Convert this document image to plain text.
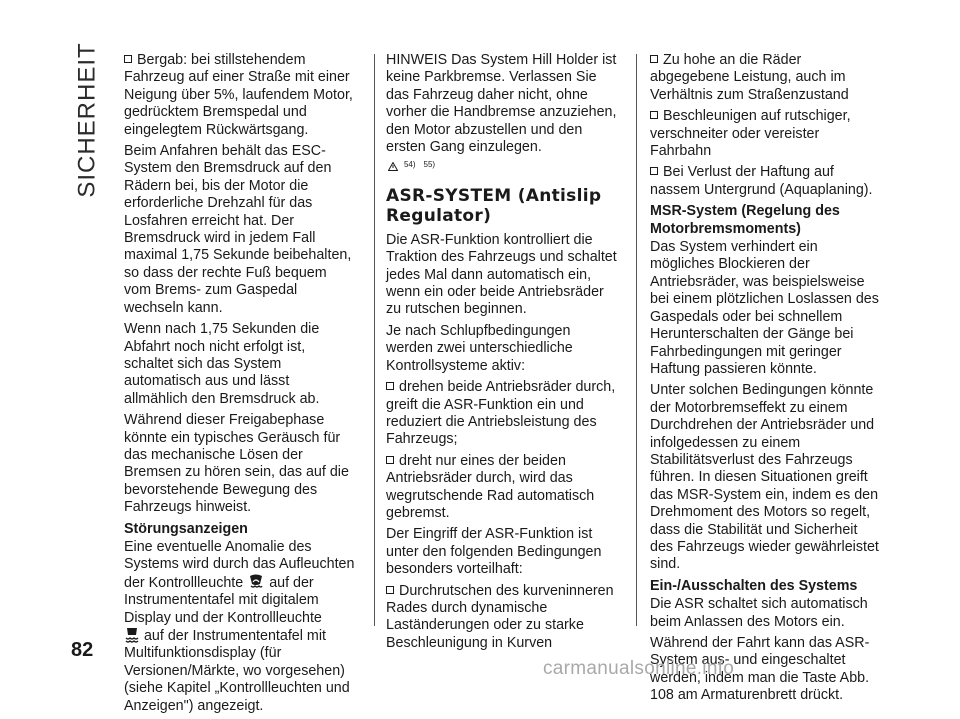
SICHERHEIT
82

Bergab: bei stillstehendem Fahrzeug auf einer Straße mit einer Neigung über 5%, laufendem Motor, gedrücktem Bremspedal und eingelegtem Rückwärtsgang.

Beim Anfahren behält das ESC-System den Bremsdruck auf den Rädern bei, bis der Motor die erforderliche Drehzahl für das Losfahren erreicht hat. Der Bremsdruck wird in jedem Fall maximal 1,75 Sekunde beibehalten, so dass der rechte Fuß bequem vom Brems- zum Gaspedal wechseln kann.

Wenn nach 1,75 Sekunden die Abfahrt noch nicht erfolgt ist, schaltet sich das System automatisch aus und lässt allmählich den Bremsdruck ab.

Während dieser Freigabephase könnte ein typisches Geräusch für das mechanische Lösen der Bremsen zu hören sein, das auf die bevorstehende Bewegung des Fahrzeugs hinweist.

Störungsanzeigen

Eine eventuelle Anomalie des Systems wird durch das Aufleuchten der Kontrollleuchte auf der Instrumententafel mit digitalem Display und der Kontrollleuchte
auf der Instrumententafel mit Multifunktionsdisplay (für Versionen/Märkte, wo vorgesehen) (siehe Kapitel „Kontrollleuchten und Anzeigen") angezeigt.

HINWEIS Das System Hill Holder ist keine Parkbremse. Verlassen Sie das Fahrzeug daher nicht, ohne vorher die Handbremse anzuziehen, den Motor abzustellen und den ersten Gang einzulegen.
$^{54)}$ $^{55)}$

ASR-SYSTEM (Antislip Regulator)

Die ASR-Funktion kontrolliert die Traktion des Fahrzeugs und schaltet jedes Mal dann automatisch ein, wenn ein oder beide Antriebsräder zu rutschen beginnen.

Je nach Schlupfbedingungen werden zwei unterschiedliche Kontrollsysteme aktiv:

drehen beide Antriebsräder durch, greift die ASR-Funktion ein und reduziert die Antriebsleistung des Fahrzeugs;

dreht nur eines der beiden Antriebsräder durch, wird das wegrutschende Rad automatisch gebremst.

Der Eingriff der ASR-Funktion ist unter den folgenden Bedingungen besonders vorteilhaft:

Durchrutschen des kurveninneren Rades durch dynamische Laständerungen oder zu starke Beschleunigung in Kurven

Zu hohe an die Räder abgegebene Leistung, auch im Verhältnis zum Straßenzustand

Beschleunigen auf rutschiger, verschneiter oder vereister Fahrbahn

Bei Verlust der Haftung auf nassem Untergrund (Aquaplaning).

MSR-System (Regelung des Motorbremsmoments)

Das System verhindert ein mögliches Blockieren der Antriebsräder, was beispielsweise bei einem plötzlichen Loslassen des Gaspedals oder bei schnellem Herunterschalten der Gänge bei Fahrbedingungen mit geringer Haftung passieren könnte.

Unter solchen Bedingungen könnte der Motorbremseffekt zu einem Durchdrehen der Antriebsräder und infolgedessen zu einem Stabilitätsverlust des Fahrzeugs führen. In diesen Situationen greift das MSR-System ein, indem es den Drehmoment des Motors so regelt, dass die Stabilität und Sicherheit des Fahrzeugs wieder gewährleistet sind.

Ein-/Ausschalten des Systems

Die ASR schaltet sich automatisch beim Anlassen des Motors ein.

Während der Fahrt kann das ASR-System aus- und eingeschaltet werden, indem man die Taste Abb. 108 am Armaturenbrett drückt.

carmanualsonline.info
